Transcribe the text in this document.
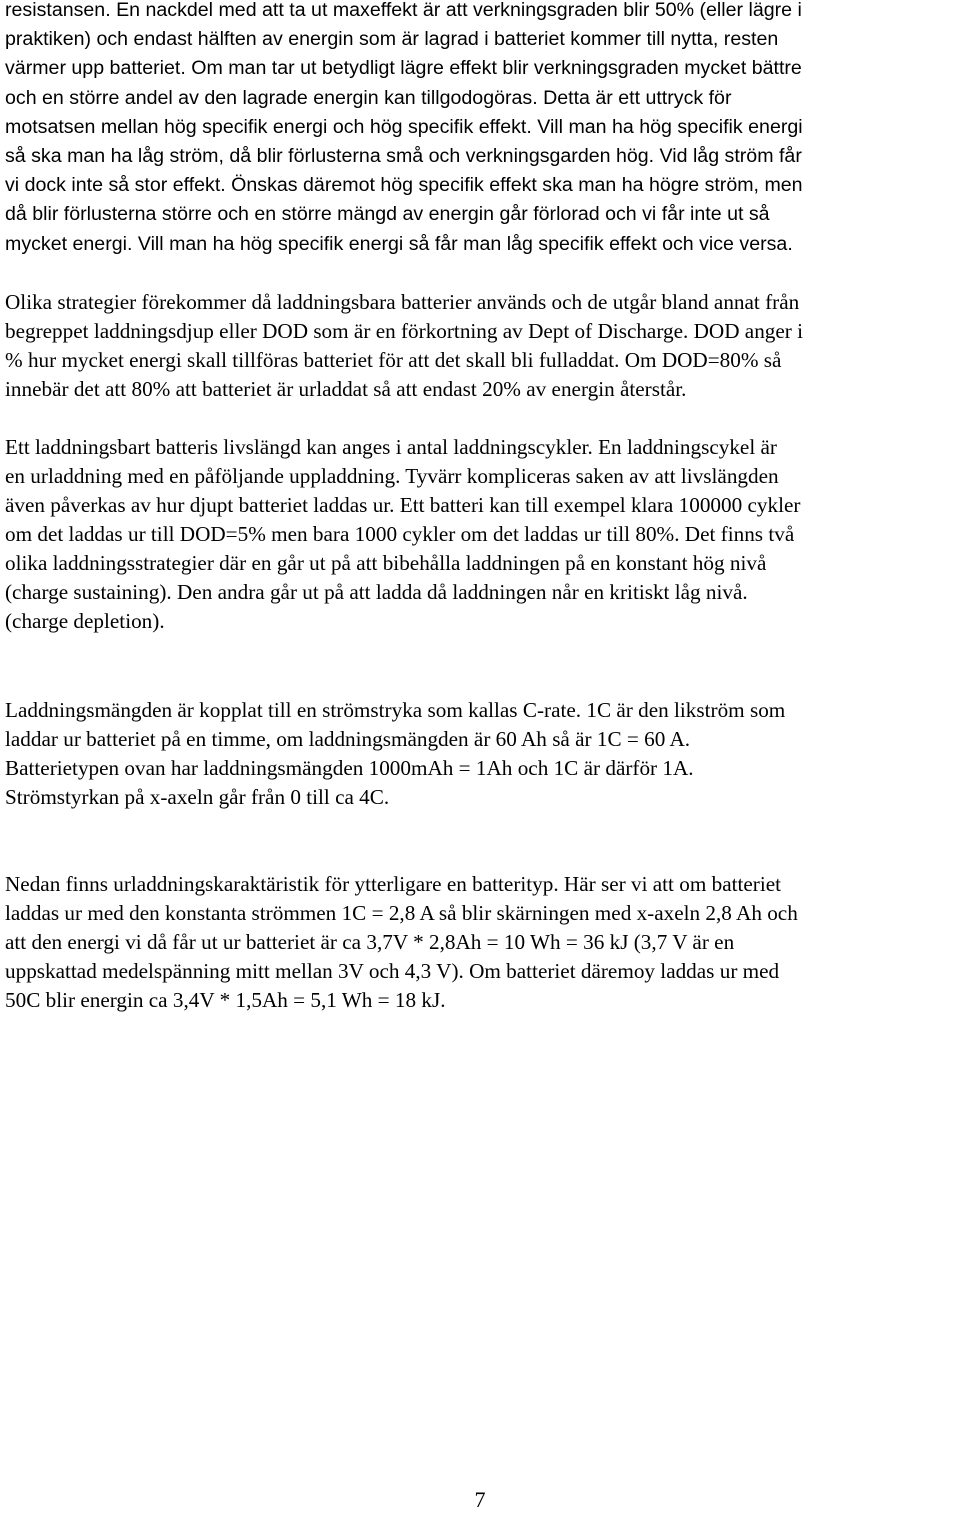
resistansen. En nackdel med att ta ut maxeffekt är att verkningsgraden blir 50% (eller lägre i
praktiken) och endast hälften av energin som är lagrad i batteriet kommer till nytta, resten
värmer upp batteriet. Om man tar ut betydligt lägre effekt blir verkningsgraden mycket bättre
och en större andel av den lagrade energin kan tillgodogöras. Detta är ett uttryck för
motsatsen mellan hög specifik energi och hög specifik effekt. Vill man ha hög specifik energi
så ska man ha låg ström, då blir förlusterna små och verkningsgarden hög. Vid låg ström får
vi dock inte så stor effekt. Önskas däremot hög specifik effekt ska man ha högre ström, men
då blir förlusterna större och en större mängd av energin går förlorad och vi får inte ut så
mycket energi. Vill man ha hög specifik energi så får man låg specifik effekt och vice versa.
Olika strategier förekommer då laddningsbara batterier används och de utgår bland annat från
begreppet laddningsdjup eller DOD som är en förkortning av Dept of Discharge. DOD anger i
% hur mycket energi skall tillföras batteriet för att det skall bli fulladdat. Om DOD=80% så
innebär det att 80% att batteriet är urladdat så att endast 20% av energin återstår.
Ett laddningsbart batteris livslängd kan anges i antal laddningscykler. En laddningscykel är
en urladdning med en påföljande uppladdning. Tyvärr kompliceras saken av att livslängden
även påverkas av hur djupt batteriet laddas ur. Ett batteri kan till exempel klara 100000 cykler
om det laddas ur till DOD=5% men bara 1000 cykler om det laddas ur till 80%. Det finns två
olika laddningsstrategier där en går ut på att bibehålla laddningen på en konstant hög nivå
(charge sustaining). Den andra går ut på att ladda då laddningen når en kritiskt låg nivå.
(charge depletion).
Laddningsmängden är kopplat till en strömstryka som kallas C-rate. 1C är den likström som
laddar ur batteriet på en timme, om laddningsmängden är 60 Ah så är 1C = 60 A.
Batterietypen ovan har laddningsmängden 1000mAh = 1Ah och 1C är därför 1A.
Strömstyrkan på x-axeln går från 0 till ca 4C.
Nedan finns urladdningskaraktäristik för ytterligare en batterityp. Här ser vi att om batteriet
laddas ur med den konstanta strömmen 1C = 2,8 A så blir skärningen med x-axeln 2,8 Ah och
att den energi vi då får ut ur batteriet är ca 3,7V * 2,8Ah = 10 Wh = 36 kJ (3,7 V är en
uppskattad medelspänning mitt mellan 3V och 4,3 V). Om batteriet däremoy laddas ur med
50C blir energin ca 3,4V * 1,5Ah = 5,1 Wh = 18 kJ.
7
